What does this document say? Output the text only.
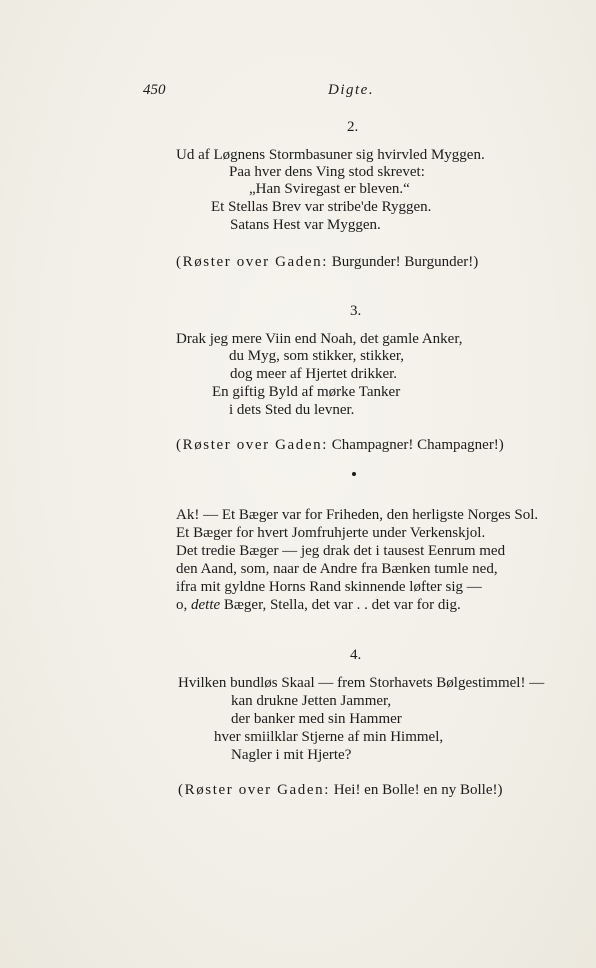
450	Digte.
2.
Ud af Løgnens Stormbasuner sig hvirvled Myggen.
Paa hver dens Ving stod skrevet:
„Han Sviregast er bleven.“
Et Stellas Brev var stribe'de Ryggen.
Satans Hest var Myggen.
(Røster over Gaden: Burgunder! Burgunder!)
3.
Drak jeg mere Viin end Noah, det gamle Anker,
du Myg, som stikker, stikker,
dog meer af Hjertet drikker.
En giftig Byld af mørke Tanker
i dets Sted du levner.
(Røster over Gaden: Champagner! Champagner!)
Ak! — Et Bæger var for Friheden, den herligste Norges Sol.
Et Bæger for hvert Jomfruhjerte under Verkenskjol.
Det tredie Bæger — jeg drak det i tausest Eenrum med
den Aand, som, naar de Andre fra Bænken tumle ned,
ifra mit gyldne Horns Rand skinnende løfter sig —
o, dette Bæger, Stella, det var . . det var for dig.
4.
Hvilken bundløs Skaal — frem Storhavets Bølgestimmel! —
kan drukne Jetten Jammer,
der banker med sin Hammer
hver smiilklar Stjerne af min Himmel,
Nagler i mit Hjerte?
(Røster over Gaden: Hei! en Bolle! en ny Bolle!)
